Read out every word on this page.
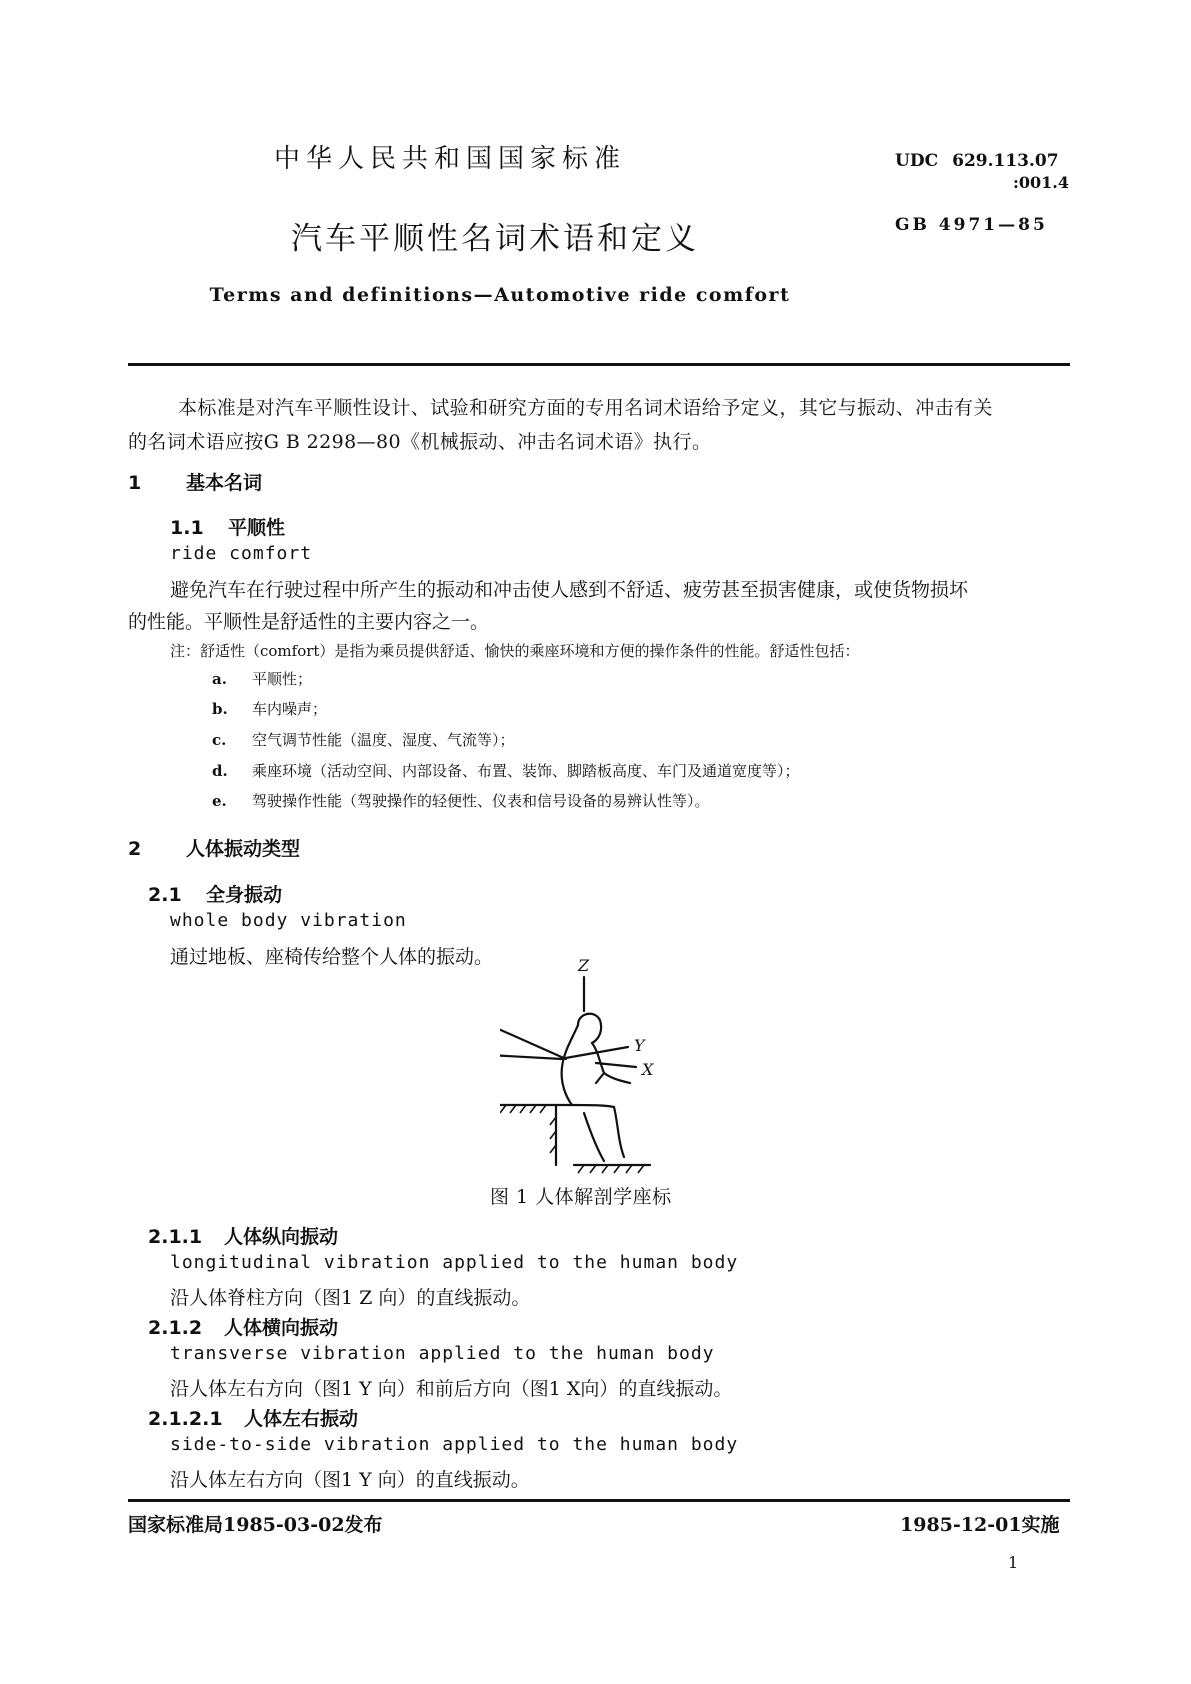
中华人民共和国国家标准	UDC 629.113.07
:001.4
GB 4971—85
汽车平顺性名词术语和定义
Terms and definitions—Automotive ride comfort
本标准是对汽车平顺性设计、试验和研究方面的专用名词术语给予定义，其它与振动、冲击有关
的名词术语应按G B 2298—80《机械振动、冲击名词术语》执行。
1 基本名词
1.1 平顺性
ride comfort
避免汽车在行驶过程中所产生的振动和冲击使人感到不舒适、疲劳甚至损害健康，或使货物损坏
的性能。平顺性是舒适性的主要内容之一。
注：舒适性（comfort）是指为乘员提供舒适、愉快的乘座环境和方便的操作条件的性能。舒适性包括：
a. 平顺性；
b. 车内噪声；
c. 空气调节性能（温度、湿度、气流等）；
d. 乘座环境（活动空间、内部设备、布置、装饰、脚踏板高度、车门及通道宽度等）；
e. 驾驶操作性能（驾驶操作的轻便性、仪表和信号设备的易辨认性等）。
2 人体振动类型
2.1 全身振动
whole body vibration
通过地板、座椅传给整个人体的振动。	Z
Y
X
图 1 人体解剖学座标
2.1.1 人体纵向振动
longitudinal vibration applied to the human body
沿人体脊柱方向（图1 Z 向）的直线振动。
2.1.2 人体横向振动
transverse vibration applied to the human body
沿人体左右方向（图1 Y 向）和前后方向（图1 X向）的直线振动。
2.1.2.1 人体左右振动
side-to-side vibration applied to the human body
沿人体左右方向（图1 Y 向）的直线振动。
国家标准局1985-03-02发布	1985-12-01实施
1
